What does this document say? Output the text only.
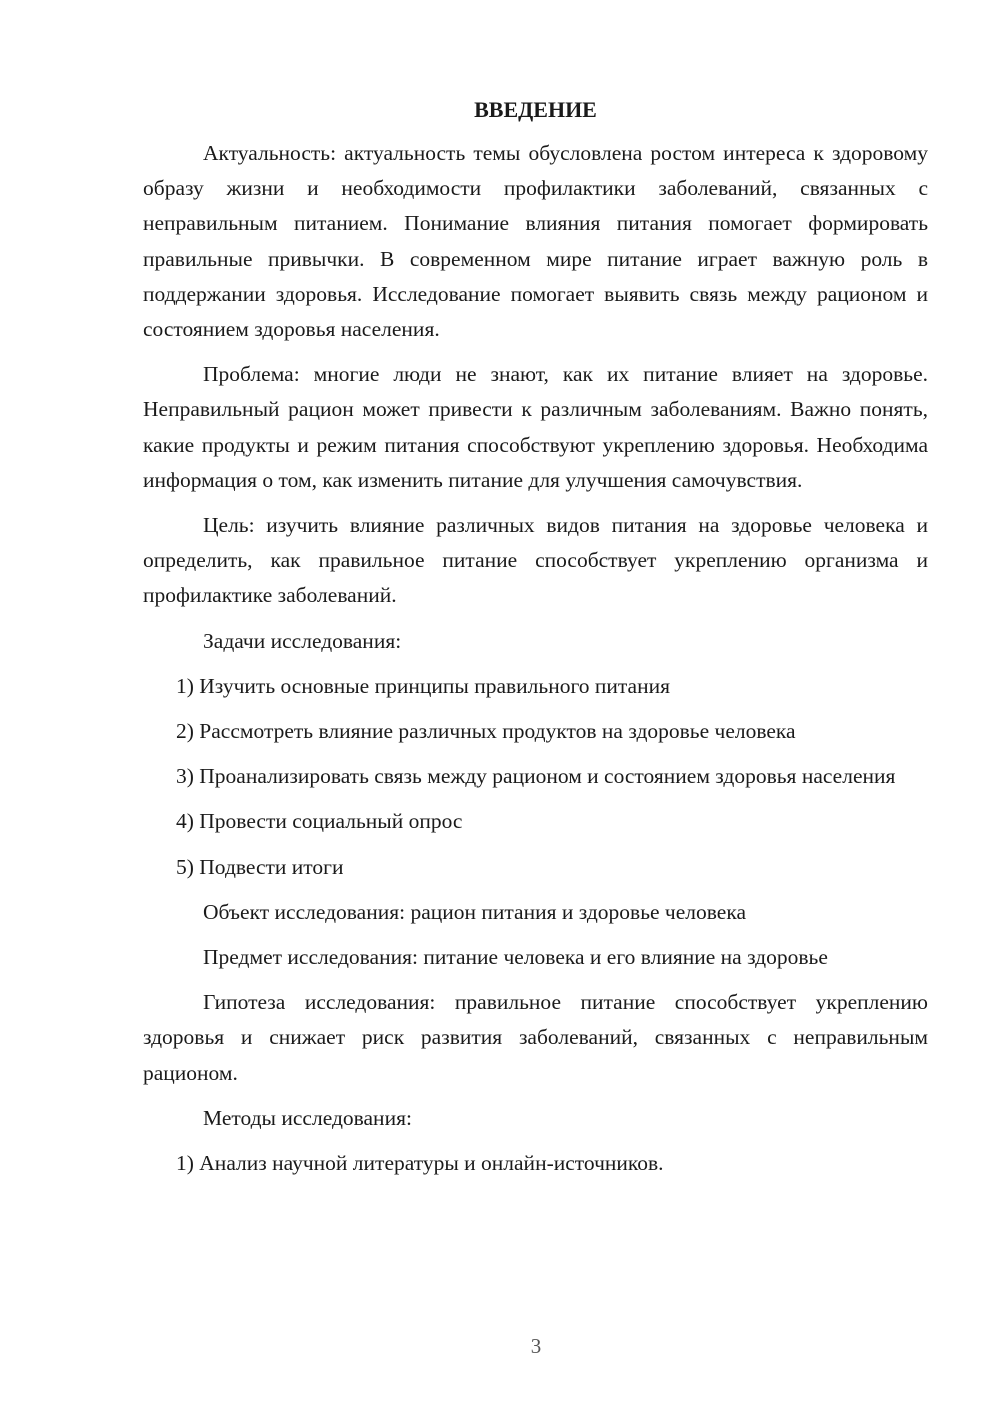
ВВЕДЕНИЕ

Актуальность: актуальность темы обусловлена ростом интереса к здоровому образу жизни и необходимости профилактики заболеваний, связанных с неправильным питанием. Понимание влияния питания помогает формировать правильные привычки. В современном мире питание играет важную роль в поддержании здоровья. Исследование помогает выявить связь между рационом и состоянием здоровья населения.

Проблема: многие люди не знают, как их питание влияет на здоровье. Неправильный рацион может привести к различным заболеваниям. Важно понять, какие продукты и режим питания способствуют укреплению здоровья. Необходима информация о том, как изменить питание для улучшения самочувствия.

Цель: изучить влияние различных видов питания на здоровье человека и определить, как правильное питание способствует укреплению организма и профилактике заболеваний.

Задачи исследования:

1) Изучить основные принципы правильного питания

2) Рассмотреть влияние различных продуктов на здоровье человека

3) Проанализировать связь между рационом и состоянием здоровья населения

4) Провести социальный опрос

5) Подвести итоги

Объект исследования: рацион питания и здоровье человека

Предмет исследования: питание человека и его влияние на здоровье

Гипотеза исследования: правильное питание способствует укреплению здоровья и снижает риск развития заболеваний, связанных с неправильным рационом.

Методы исследования:

1) Анализ научной литературы и онлайн-источников.

3
